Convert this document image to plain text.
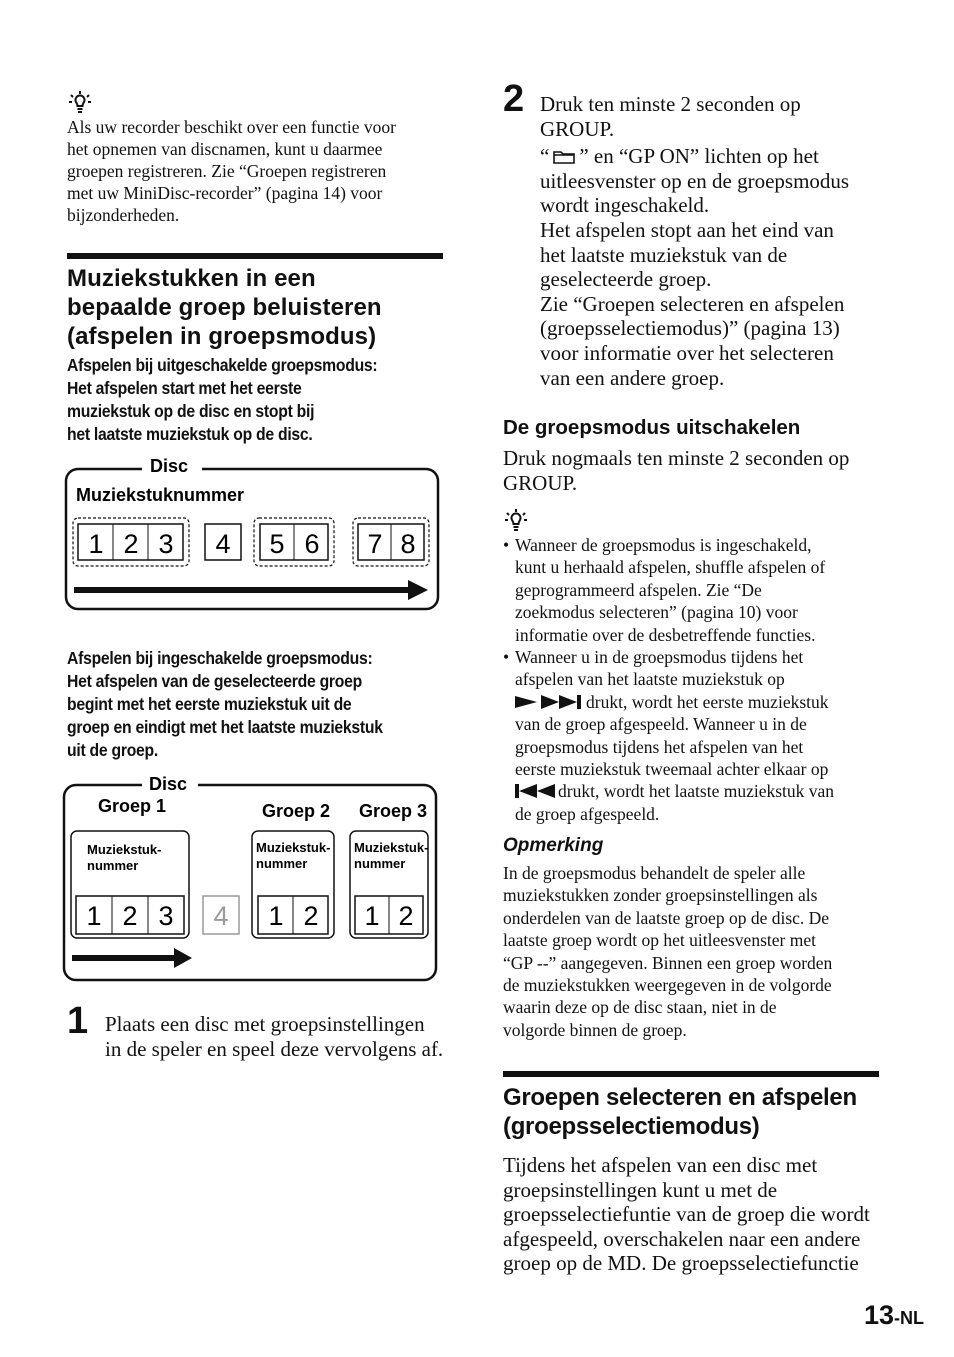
Als uw recorder beschikt over een functie voor
het opnemen van discnamen, kunt u daarmee
groepen registreren. Zie “Groepen registreren
met uw MiniDisc-recorder” (pagina 14) voor
bijzonderheden.
Muziekstukken in een
bepaalde groep beluisteren
(afspelen in groepsmodus)
Afspelen bij uitgeschakelde groepsmodus:
Het afspelen start met het eerste
muziekstuk op de disc en stopt bij
het laatste muziekstuk op de disc.
Disc
Muziekstuknummer
1 2 3 4 5 6 7 8
Afspelen bij ingeschakelde groepsmodus:
Het afspelen van de geselecteerde groep
begint met het eerste muziekstuk uit de
groep en eindigt met het laatste muziekstuk
uit de groep.
Disc
Groep 1	Groep 2 Groep 3
Muziekstuk-
nummer
Muziekstuk-
nummer
Muziekstuk-
nummer
1 2 3 4 1 2 1 2
1 Plaats een disc met groepsinstellingen
in de speler en speel deze vervolgens af.
2 Druk ten minste 2 seconden op
GROUP.
“ ” en “GP ON” lichten op het
uitleesvenster op en de groepsmodus
wordt ingeschakeld.
Het afspelen stopt aan het eind van
het laatste muziekstuk van de
geselecteerde groep.
Zie “Groepen selecteren en afspelen
(groepsselectiemodus)” (pagina 13)
voor informatie over het selecteren
van een andere groep.
De groepsmodus uitschakelen
Druk nogmaals ten minste 2 seconden op
GROUP.
• Wanneer de groepsmodus is ingeschakeld,
kunt u herhaald afspelen, shuffle afspelen of
geprogrammeerd afspelen. Zie “De
zoekmodus selecteren” (pagina 10) voor
informatie over de desbetreffende functies.
• Wanneer u in de groepsmodus tijdens het
afspelen van het laatste muziekstuk op
drukt, wordt het eerste muziekstuk
van de groep afgespeeld. Wanneer u in de
groepsmodus tijdens het afspelen van het
eerste muziekstuk tweemaal achter elkaar op
drukt, wordt het laatste muziekstuk van
de groep afgespeeld.
Opmerking
In de groepsmodus behandelt de speler alle
muziekstukken zonder groepsinstellingen als
onderdelen van de laatste groep op de disc. De
laatste groep wordt op het uitleesvenster met
“GP --” aangegeven. Binnen een groep worden
de muziekstukken weergegeven in de volgorde
waarin deze op de disc staan, niet in de
volgorde binnen de groep.
Groepen selecteren en afspelen
(groepsselectiemodus)
Tijdens het afspelen van een disc met
groepsinstellingen kunt u met de
groepsselectiefuntie van de groep die wordt
afgespeeld, overschakelen naar een andere
groep op de MD. De groepsselectiefunctie
13-NL
